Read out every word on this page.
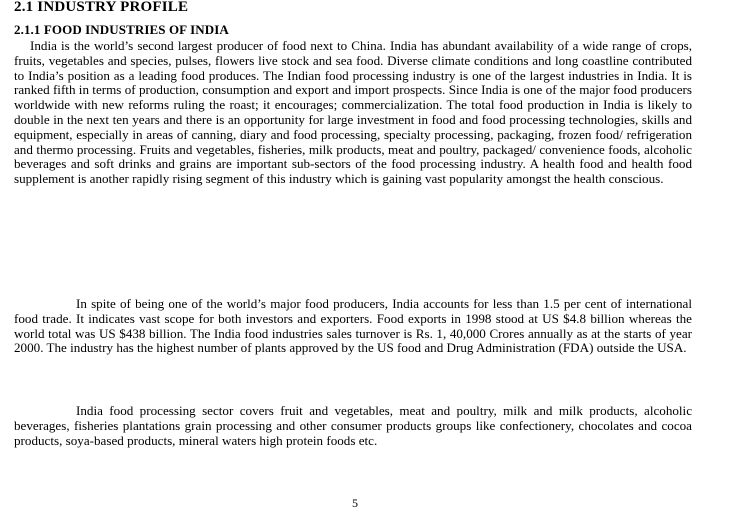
2.1 INDUSTRY PROFILE
2.1.1 FOOD INDUSTRIES OF INDIA

India is the world’s second largest producer of food next to China. India has abundant availability of a wide range of crops, fruits, vegetables and species, pulses, flowers live stock and sea food. Diverse climate conditions and long coastline contributed to India’s position as a leading food produces. The Indian food processing industry is one of the largest industries in India. It is ranked fifth in terms of production, consumption and export and import prospects. Since India is one of the major food producers worldwide with new reforms ruling the roast; it encourages; commercialization. The total food production in India is likely to double in the next ten years and there is an opportunity for large investment in food and food processing technologies, skills and equipment, especially in areas of canning, diary and food processing, specialty processing, packaging, frozen food/ refrigeration and thermo processing. Fruits and vegetables, fisheries, milk products, meat and poultry, packaged/ convenience foods, alcoholic beverages and soft drinks and grains are important sub-sectors of the food processing industry. A health food and health food supplement is another rapidly rising segment of this industry which is gaining vast popularity amongst the health conscious.

In spite of being one of the world’s major food producers, India accounts for less than 1.5 per cent of international food trade. It indicates vast scope for both investors and exporters. Food exports in 1998 stood at US $4.8 billion whereas the world total was US $438 billion. The India food industries sales turnover is Rs. 1, 40,000 Crores annually as at the starts of year 2000. The industry has the highest number of plants approved by the US food and Drug Administration (FDA) outside the USA.

India food processing sector covers fruit and vegetables, meat and poultry, milk and milk products, alcoholic beverages, fisheries plantations grain processing and other consumer products groups like confectionery, chocolates and cocoa products, soya-based products, mineral waters high protein foods etc.

5
